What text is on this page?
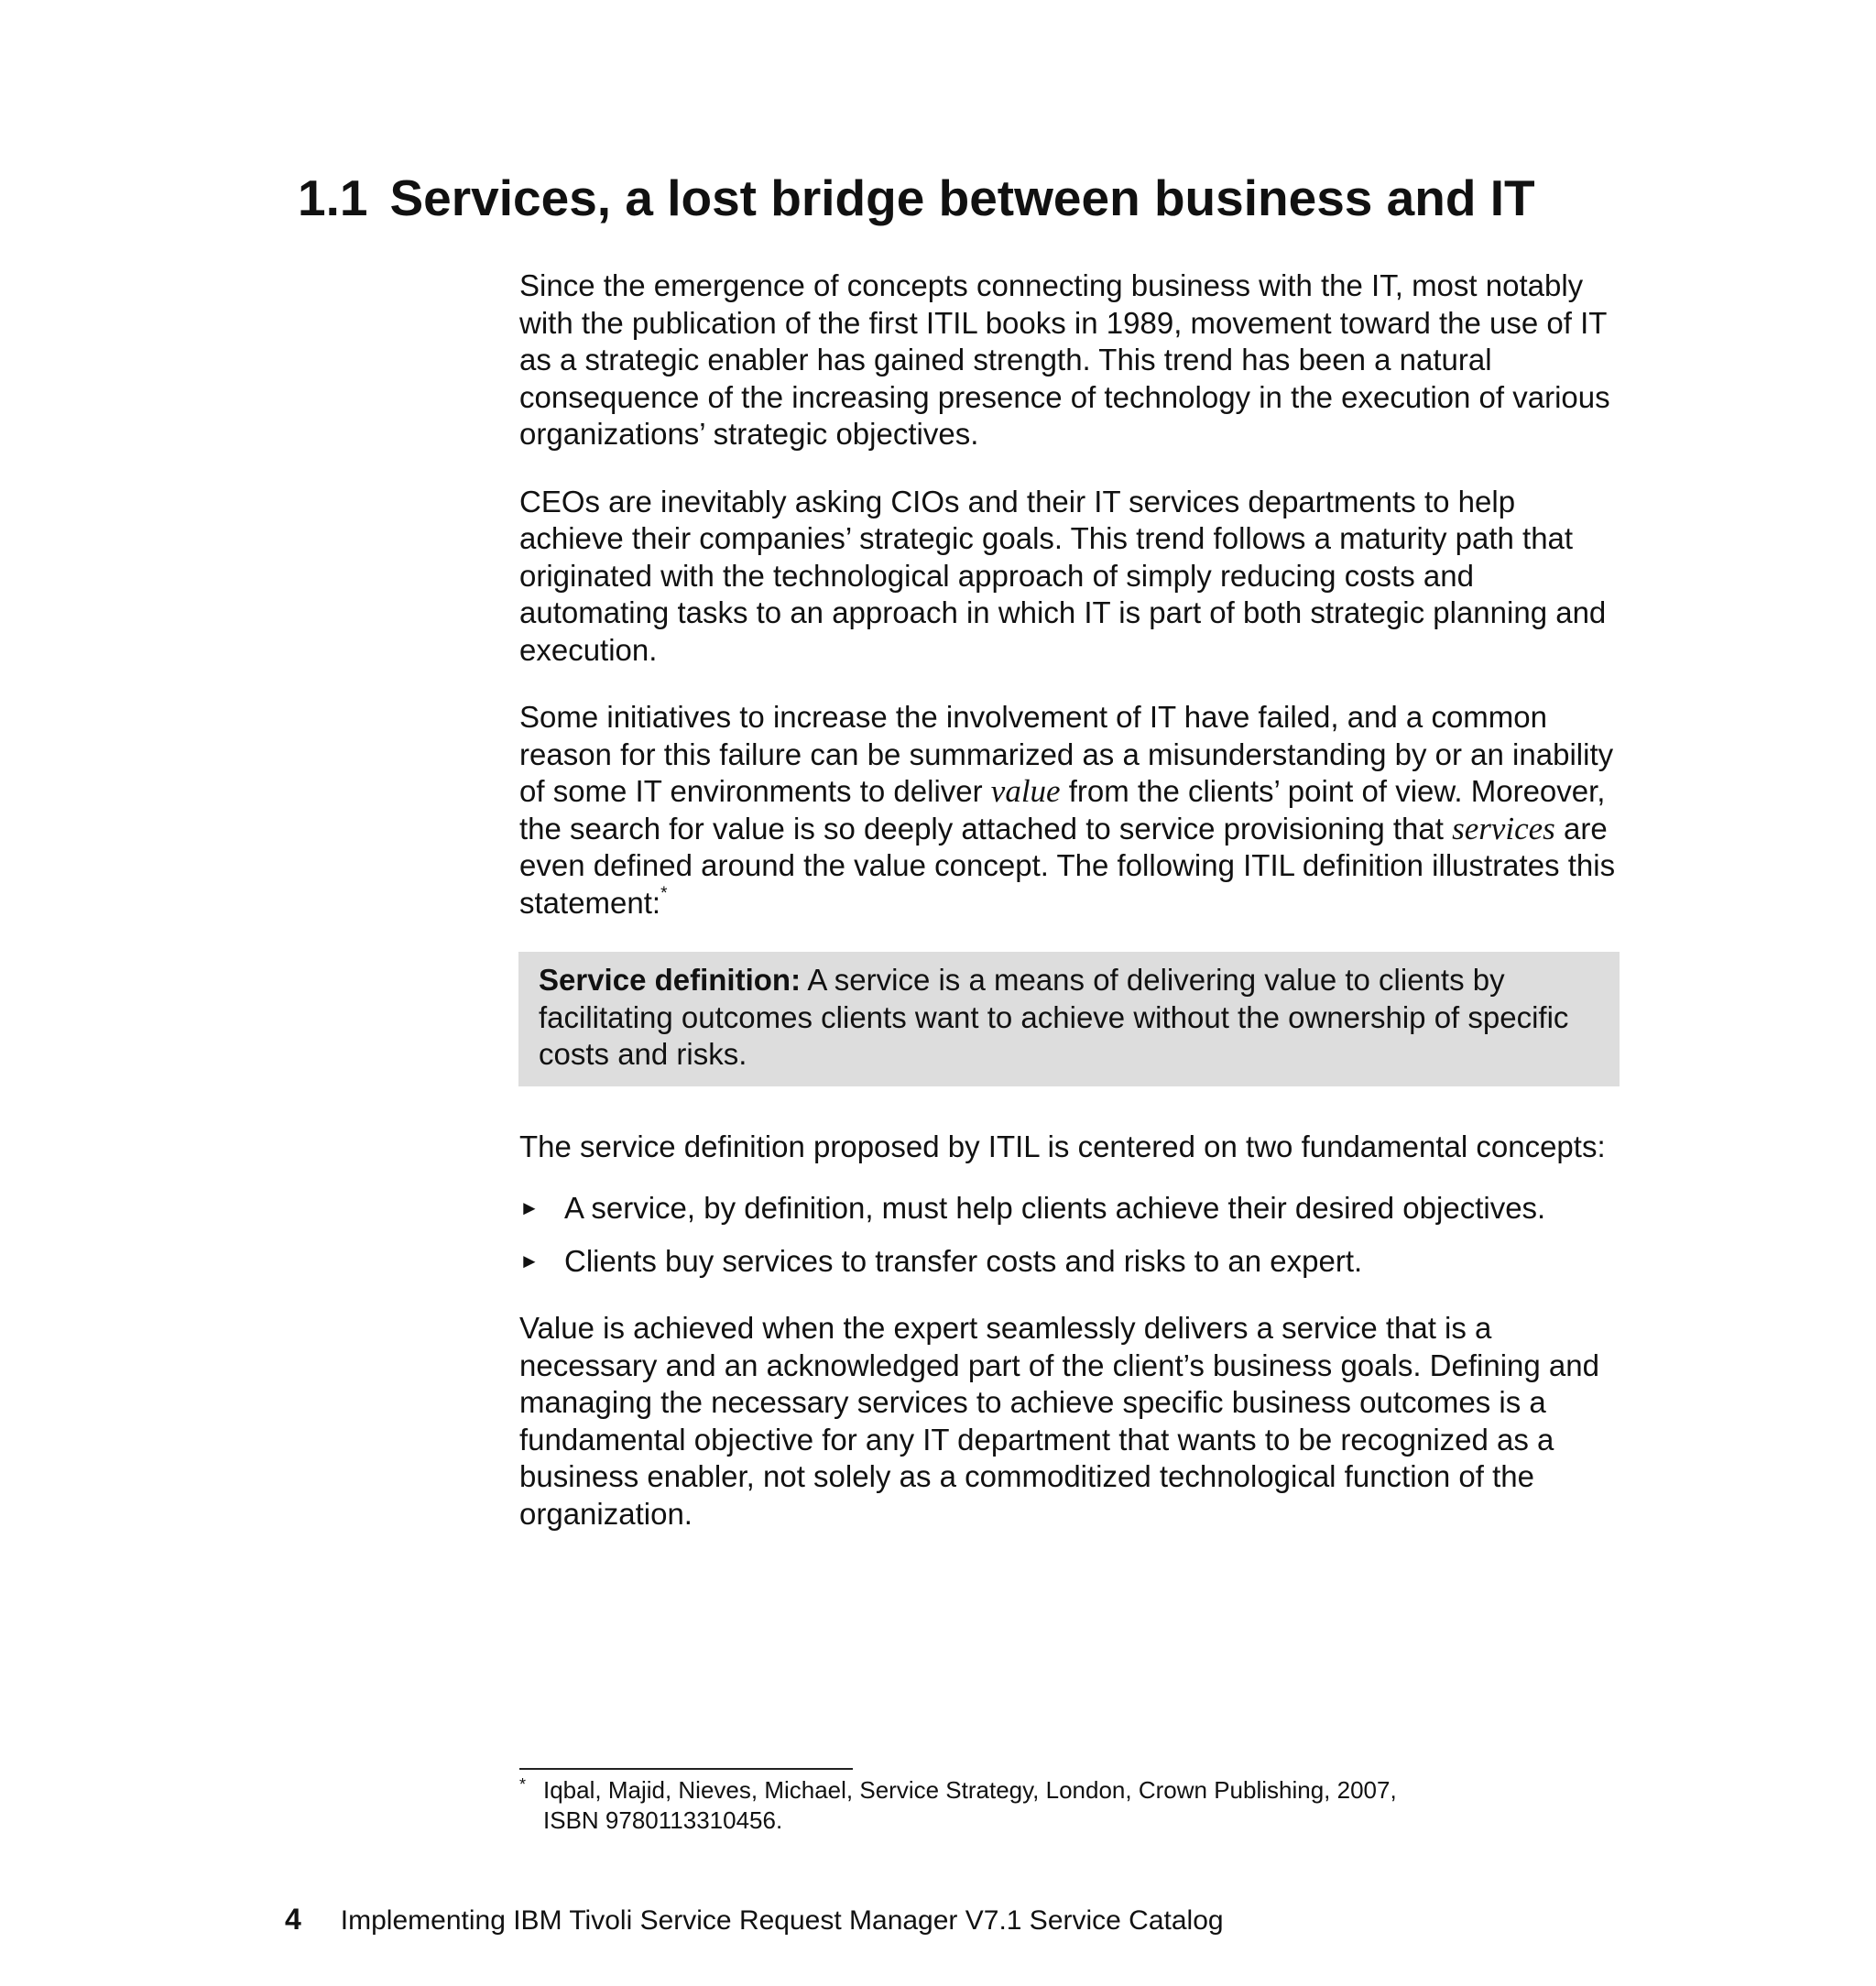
1.1 Services, a lost bridge between business and IT

Since the emergence of concepts connecting business with the IT, most notably with the publication of the first ITIL books in 1989, movement toward the use of IT as a strategic enabler has gained strength. This trend has been a natural consequence of the increasing presence of technology in the execution of various organizations’ strategic objectives.

CEOs are inevitably asking CIOs and their IT services departments to help achieve their companies’ strategic goals. This trend follows a maturity path that originated with the technological approach of simply reducing costs and automating tasks to an approach in which IT is part of both strategic planning and execution.

Some initiatives to increase the involvement of IT have failed, and a common reason for this failure can be summarized as a misunderstanding by or an inability of some IT environments to deliver value from the clients’ point of view. Moreover, the search for value is so deeply attached to service provisioning that services are even defined around the value concept. The following ITIL definition illustrates this statement:*

Service definition: A service is a means of delivering value to clients by facilitating outcomes clients want to achieve without the ownership of specific costs and risks.

The service definition proposed by ITIL is centered on two fundamental concepts:

► A service, by definition, must help clients achieve their desired objectives.
► Clients buy services to transfer costs and risks to an expert.

Value is achieved when the expert seamlessly delivers a service that is a necessary and an acknowledged part of the client’s business goals. Defining and managing the necessary services to achieve specific business outcomes is a fundamental objective for any IT department that wants to be recognized as a business enabler, not solely as a commoditized technological function of the organization.

* Iqbal, Majid, Nieves, Michael, Service Strategy, London, Crown Publishing, 2007,
ISBN 9780113310456.
4 Implementing IBM Tivoli Service Request Manager V7.1 Service Catalog
